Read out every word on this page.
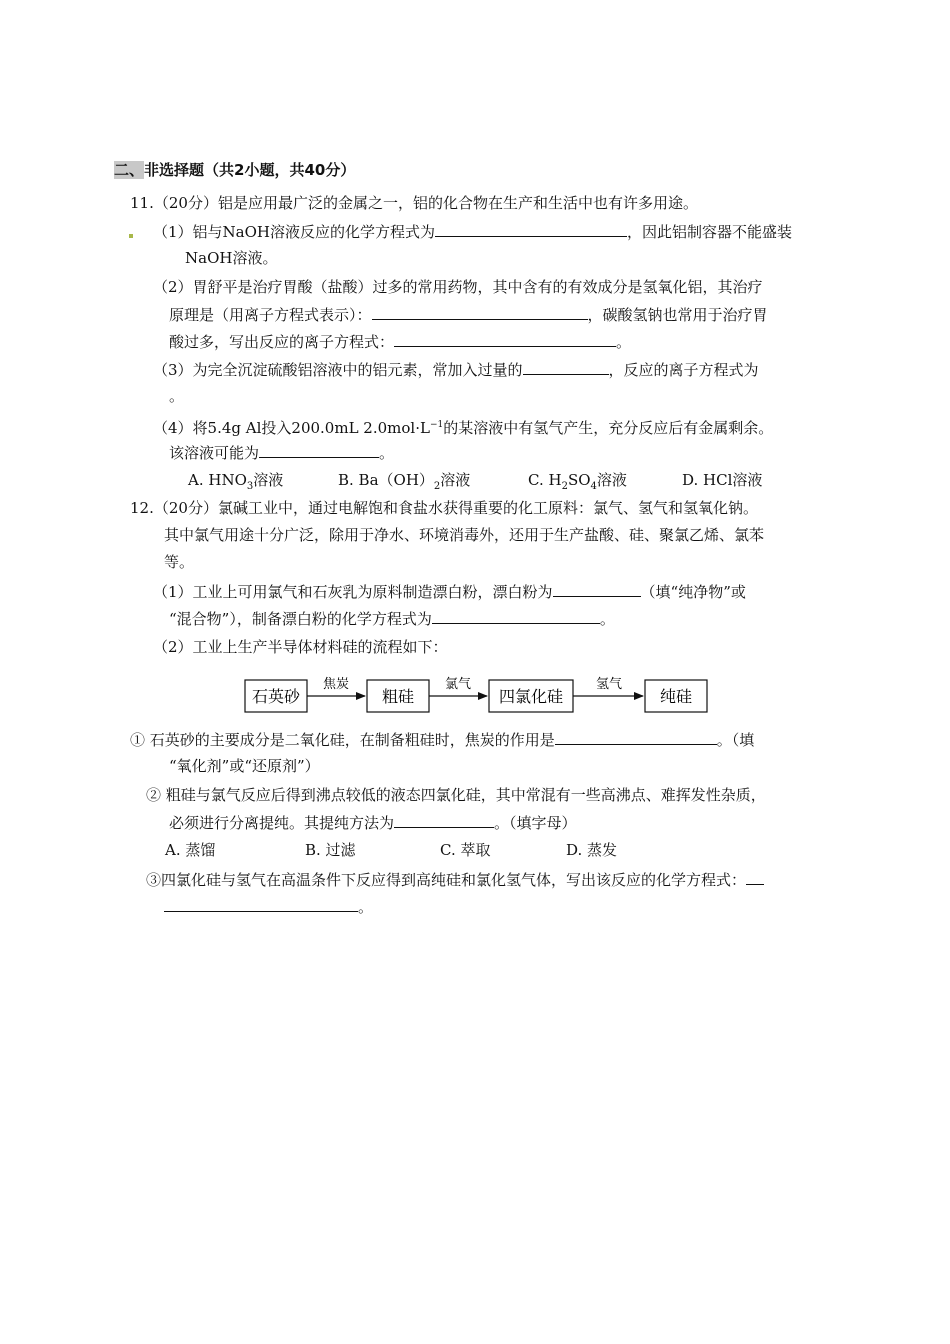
二、非选择题（共2小题，共40分）
11.（20分）铝是应用最广泛的金属之一，铝的化合物在生产和生活中也有许多用途。
（1）铝与NaOH溶液反应的化学方程式为	，因此铝制容器不能盛装
NaOH溶液。
（2）胃舒平是治疗胃酸（盐酸）过多的常用药物，其中含有的有效成分是氢氧化铝，其治疗
原理是（用离子方程式表示）：	，碳酸氢钠也常用于治疗胃
酸过多，写出反应的离子方程式：	。
（3）为完全沉淀硫酸铝溶液中的铝元素，常加入过量的	，反应的离子方程式为
。
（4）将5.4g Al投入200.0mL $2.0mol\cdot L^{-1}$的某溶液中有氢气产生，充分反应后有金属剩余。
该溶液可能为	。
A. $HNO_3$溶液	B. $Ba(OH)_2$溶液	C. $H_2SO_4$溶液	D. HCl溶液
12.（20分）氯碱工业中，通过电解饱和食盐水获得重要的化工原料：氯气、氢气和氢氧化钠。
其中氯气用途十分广泛，除用于净水、环境消毒外，还用于生产盐酸、硅、聚氯乙烯、氯苯
等。
（1）工业上可用氯气和石灰乳为原料制造漂白粉，漂白粉为	（填“纯净物”或
“混合物”），制备漂白粉的化学方程式为	。
（2）工业上生产半导体材料硅的流程如下：
石英砂
焦炭
粗硅
氯气
四氯化硅
氢气
纯硅
① 石英砂的主要成分是二氧化硅，在制备粗硅时，焦炭的作用是	。（填
“氧化剂”或“还原剂”）
② 粗硅与氯气反应后得到沸点较低的液态四氯化硅，其中常混有一些高沸点、难挥发性杂质，
必须进行分离提纯。其提纯方法为	。（填字母）
A. 蒸馏	B. 过滤	C. 萃取	D. 蒸发
③四氯化硅与氢气在高温条件下反应得到高纯硅和氯化氢气体，写出该反应的化学方程式：
。
